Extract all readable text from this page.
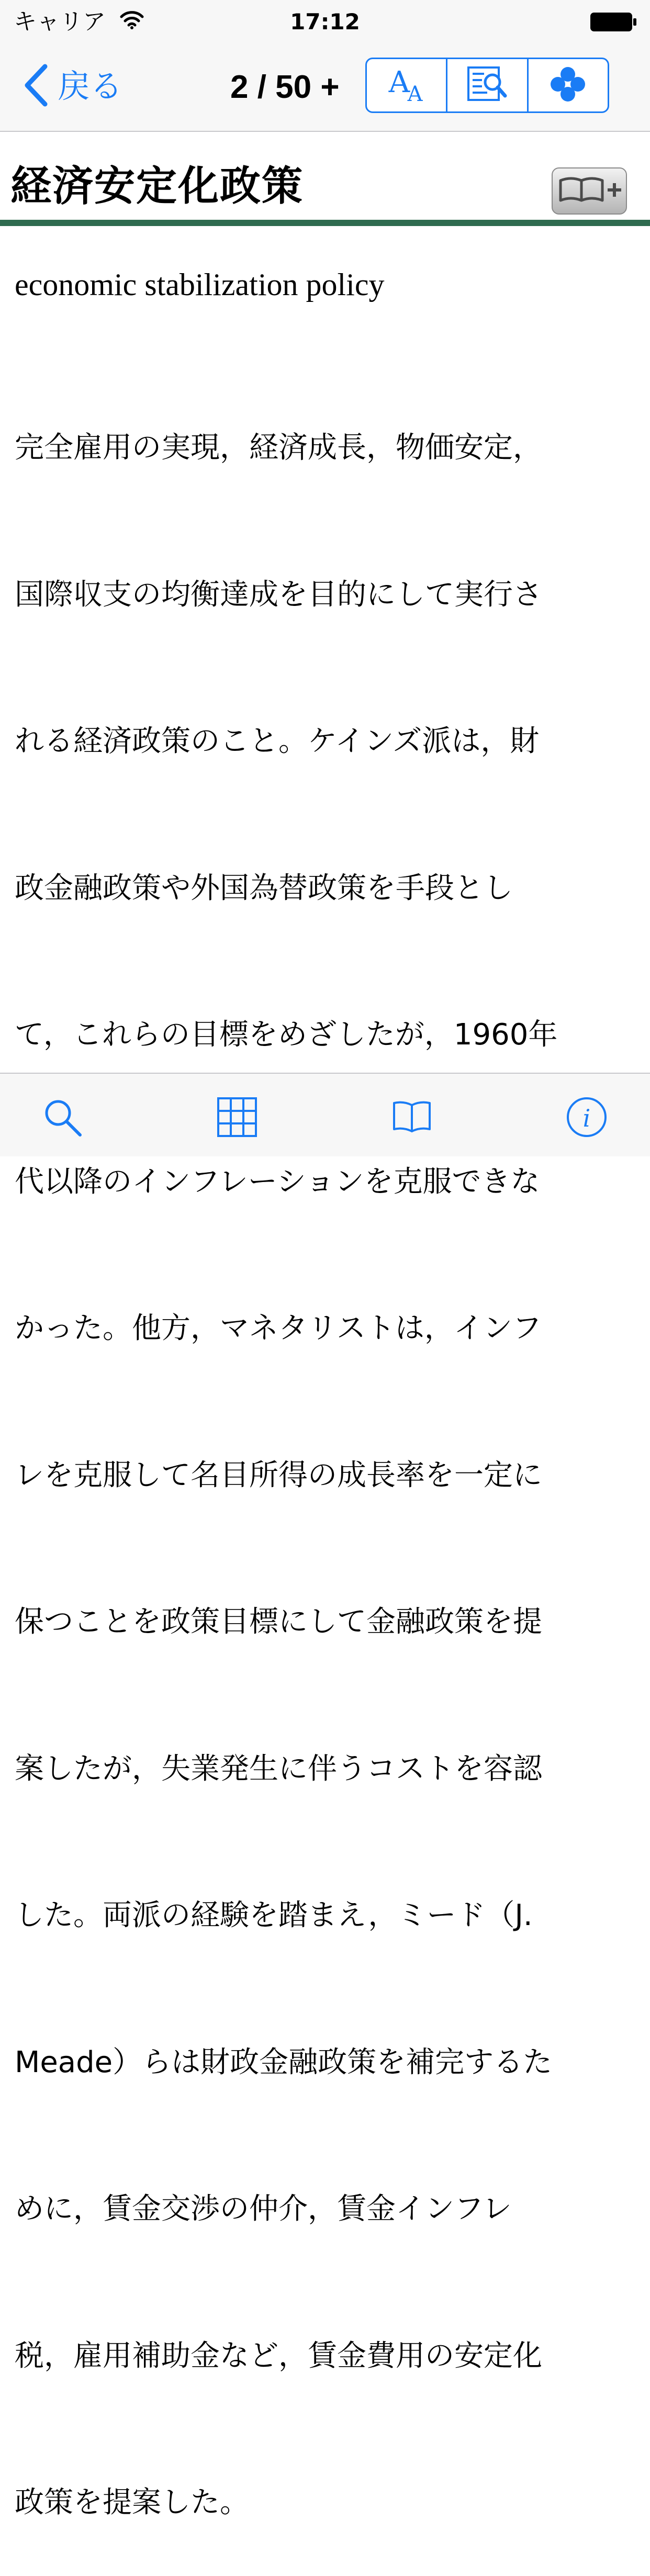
キャリア	17:12
戻る	2 / 50 + A
A
経済安定化政策
economic stabilization policy

完全雇用の実現，経済成長，物価安定，

国際収支の均衡達成を目的にして実行さ

れる経済政策のこと。ケインズ派は，財

政金融政策や外国為替政策を手段とし

て，これらの目標をめざしたが，1960年

代以降のインフレーションを克服できな

かった。他方，マネタリストは，インフ

レを克服して名目所得の成長率を一定に

保つことを政策目標にして金融政策を提

案したが，失業発生に伴うコストを容認

した。両派の経験を踏まえ，ミード（J.

Meade）らは財政金融政策を補完するた

めに，賃金交渉の仲介，賃金インフレ

税，雇用補助金など，賃金費用の安定化

政策を提案した。

i
